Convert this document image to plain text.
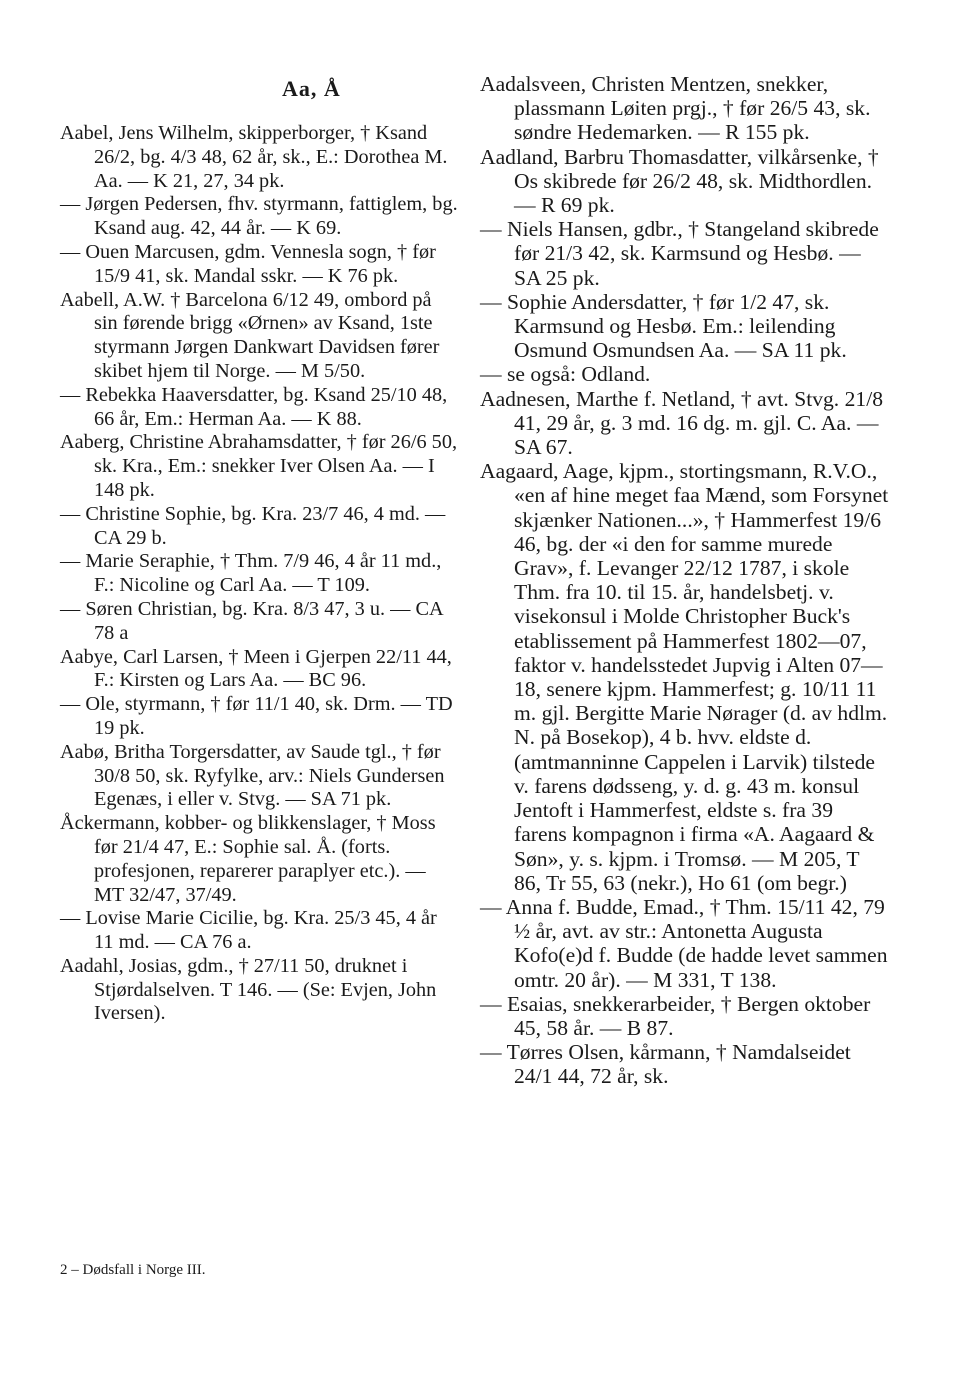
Aa, Å

Aabel, Jens Wilhelm, skipperborger, † Ksand 26/2, bg. 4/3 48, 62 år, sk., E.: Dorothea M. Aa. — K 21, 27, 34 pk.

— Jørgen Pedersen, fhv. styrmann, fattiglem, bg. Ksand aug. 42, 44 år. — K 69.

— Ouen Marcusen, gdm. Vennesla sogn, † før 15/9 41, sk. Mandal sskr. — K 76 pk.

Aabell, A.W. † Barcelona 6/12 49, ombord på sin førende brigg «Ørnen» av Ksand, 1ste styrmann Jørgen Dankwart Davidsen fører skibet hjem til Norge. — M 5/50.

— Rebekka Haaversdatter, bg. Ksand 25/10 48, 66 år, Em.: Herman Aa. — K 88.

Aaberg, Christine Abrahamsdatter, † før 26/6 50, sk. Kra., Em.: snekker Iver Olsen Aa. — I 148 pk.

— Christine Sophie, bg. Kra. 23/7 46, 4 md. — CA 29 b.

— Marie Seraphie, † Thm. 7/9 46, 4 år 11 md., F.: Nicoline og Carl Aa. — T 109.

— Søren Christian, bg. Kra. 8/3 47, 3 u. — CA 78 a

Aabye, Carl Larsen, † Meen i Gjerpen 22/11 44, F.: Kirsten og Lars Aa. — BC 96.

— Ole, styrmann, † før 11/1 40, sk. Drm. — TD 19 pk.

Aabø, Britha Torgersdatter, av Saude tgl., † før 30/8 50, sk. Ryfylke, arv.: Niels Gundersen Egenæs, i eller v. Stvg. — SA 71 pk.

Åckermann, kobber- og blikkenslager, † Moss før 21/4 47, E.: Sophie sal. Å. (forts. profesjonen, reparerer paraplyer etc.). — MT 32/47, 37/49.

— Lovise Marie Cicilie, bg. Kra. 25/3 45, 4 år 11 md. — CA 76 a.

Aadahl, Josias, gdm., † 27/11 50, druknet i Stjørdalselven. T 146. — (Se: Evjen, John Iversen).

Aadalsveen, Christen Mentzen, snekker, plassmann Løiten prgj., † før 26/5 43, sk. søndre Hedemarken. — R 155 pk.

Aadland, Barbru Thomasdatter, vilkårsenke, † Os skibrede før 26/2 48, sk. Midthordlen. — R 69 pk.

— Niels Hansen, gdbr., † Stangeland skibrede før 21/3 42, sk. Karmsund og Hesbø. — SA 25 pk.

— Sophie Andersdatter, † før 1/2 47, sk. Karmsund og Hesbø. Em.: leilending Osmund Osmundsen Aa. — SA 11 pk.

— se også: Odland.

Aadnesen, Marthe f. Netland, † avt. Stvg. 21/8 41, 29 år, g. 3 md. 16 dg. m. gjl. C. Aa. — SA 67.

Aagaard, Aage, kjpm., stortingsmann, R.V.O., «en af hine meget faa Mænd, som Forsynet skjænker Nationen...», † Hammerfest 19/6 46, bg. der «i den for samme murede Grav», f. Levanger 22/12 1787, i skole Thm. fra 10. til 15. år, handelsbetj. v. visekonsul i Molde Christopher Buck's etablissement på Hammerfest 1802—07, faktor v. handelsstedet Jupvig i Alten 07—18, senere kjpm. Hammerfest; g. 10/11 11 m. gjl. Bergitte Marie Nørager (d. av hdlm. N. på Bosekop), 4 b. hvv. eldste d. (amtmanninne Cappelen i Larvik) tilstede v. farens dødsseng, y. d. g. 43 m. konsul Jentoft i Hammerfest, eldste s. fra 39 farens kompagnon i firma «A. Aagaard & Søn», y. s. kjpm. i Tromsø. — M 205, T 86, Tr 55, 63 (nekr.), Ho 61 (om begr.)

— Anna f. Budde, Emad., † Thm. 15/11 42, 79 ½ år, avt. av str.: Antonetta Augusta Kofo(e)d f. Budde (de hadde levet sammen omtr. 20 år). — M 331, T 138.

— Esaias, snekkerarbeider, † Bergen oktober 45, 58 år. — B 87.

— Tørres Olsen, kårmann, † Namdalseidet 24/1 44, 72 år, sk.

2 – Dødsfall i Norge III.
